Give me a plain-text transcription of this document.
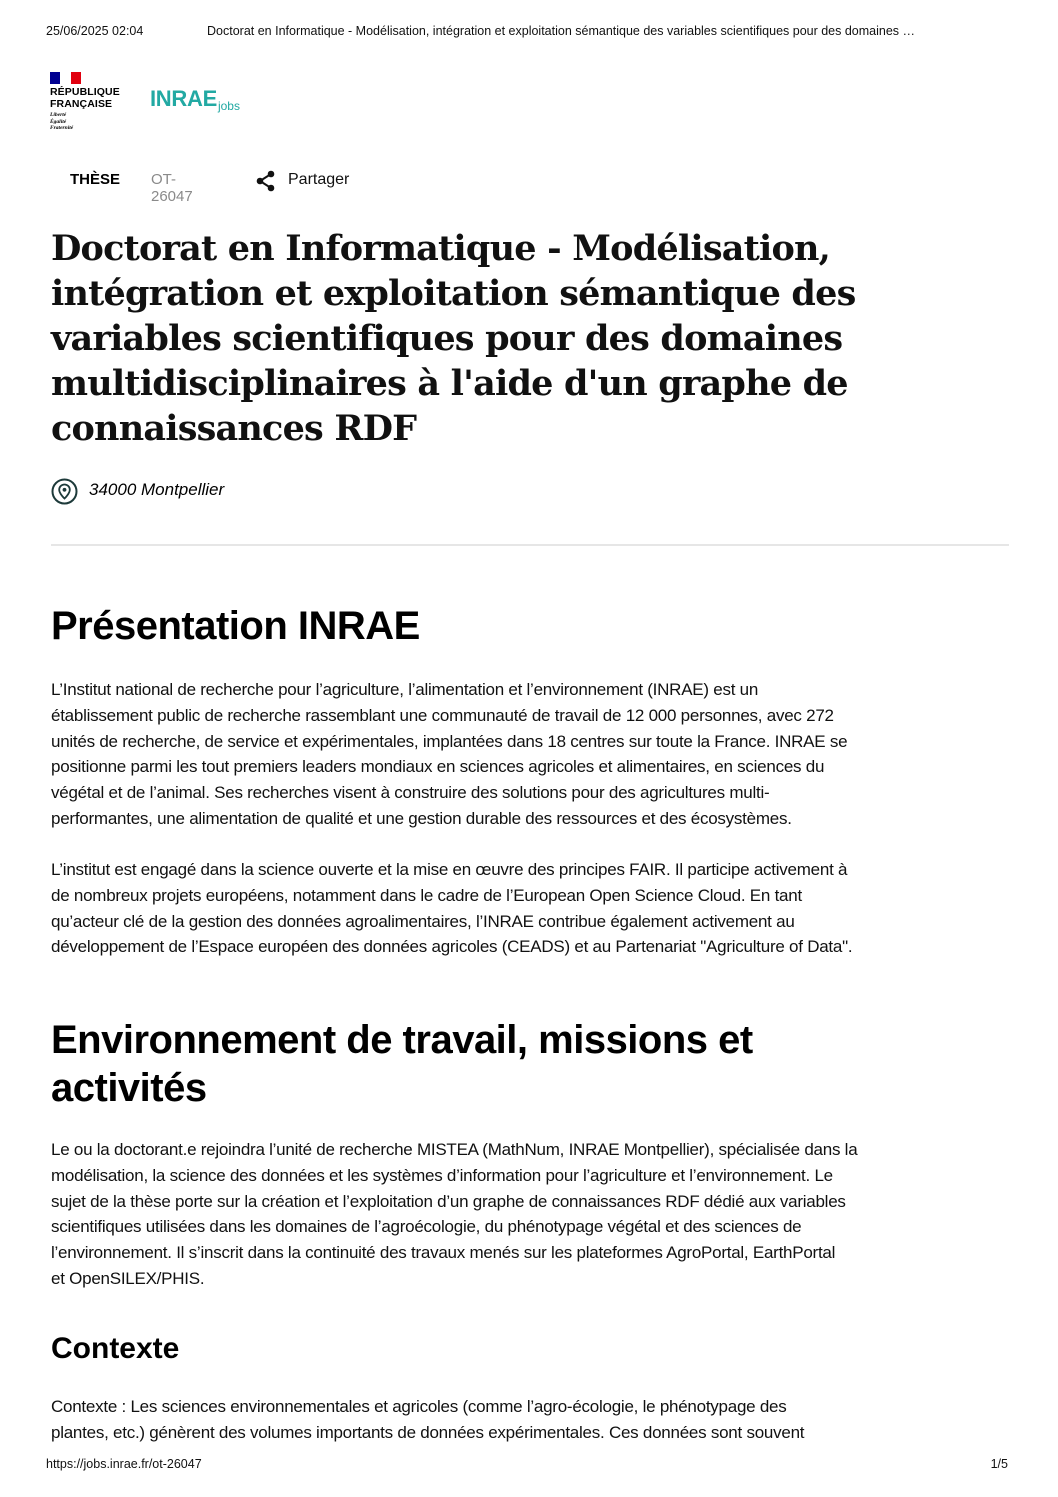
25/06/2025 02:04	Doctorat en Informatique - Modélisation, intégration et exploitation sémantique des variables scientifiques pour des domaines …
RÉPUBLIQUE
FRANÇAISE
Liberté
Égalité
Fraternité
$INRAE_{jobs}$
THÈSE OT-26047
Partager
Doctorat en Informatique - Modélisation,
intégration et exploitation sémantique des
variables scientifiques pour des domaines
multidisciplinaires à l'aide d'un graphe de
connaissances RDF
34000 Montpellier
Présentation INRAE
L’Institut national de recherche pour l’agriculture, l’alimentation et l’environnement (INRAE) est un
établissement public de recherche rassemblant une communauté de travail de 12 000 personnes, avec 272
unités de recherche, de service et expérimentales, implantées dans 18 centres sur toute la France. INRAE se
positionne parmi les tout premiers leaders mondiaux en sciences agricoles et alimentaires, en sciences du
végétal et de l’animal. Ses recherches visent à construire des solutions pour des agricultures multi-
performantes, une alimentation de qualité et une gestion durable des ressources et des écosystèmes.
L’institut est engagé dans la science ouverte et la mise en œuvre des principes FAIR. Il participe activement à
de nombreux projets européens, notamment dans le cadre de l’European Open Science Cloud. En tant
qu’acteur clé de la gestion des données agroalimentaires, l’INRAE contribue également activement au
développement de l’Espace européen des données agricoles (CEADS) et au Partenariat "Agriculture of Data".
Environnement de travail, missions et
activités
Le ou la doctorant.e rejoindra l’unité de recherche MISTEA (MathNum, INRAE Montpellier), spécialisée dans la
modélisation, la science des données et les systèmes d’information pour l’agriculture et l’environnement. Le
sujet de la thèse porte sur la création et l’exploitation d’un graphe de connaissances RDF dédié aux variables
scientifiques utilisées dans les domaines de l’agroécologie, du phénotypage végétal et des sciences de
l’environnement. Il s’inscrit dans la continuité des travaux menés sur les plateformes AgroPortal, EarthPortal
et OpenSILEX/PHIS.
Contexte
Contexte : Les sciences environnementales et agricoles (comme l’agro-écologie, le phénotypage des
plantes, etc.) génèrent des volumes importants de données expérimentales. Ces données sont souvent
https://jobs.inrae.fr/ot-26047	1/5
